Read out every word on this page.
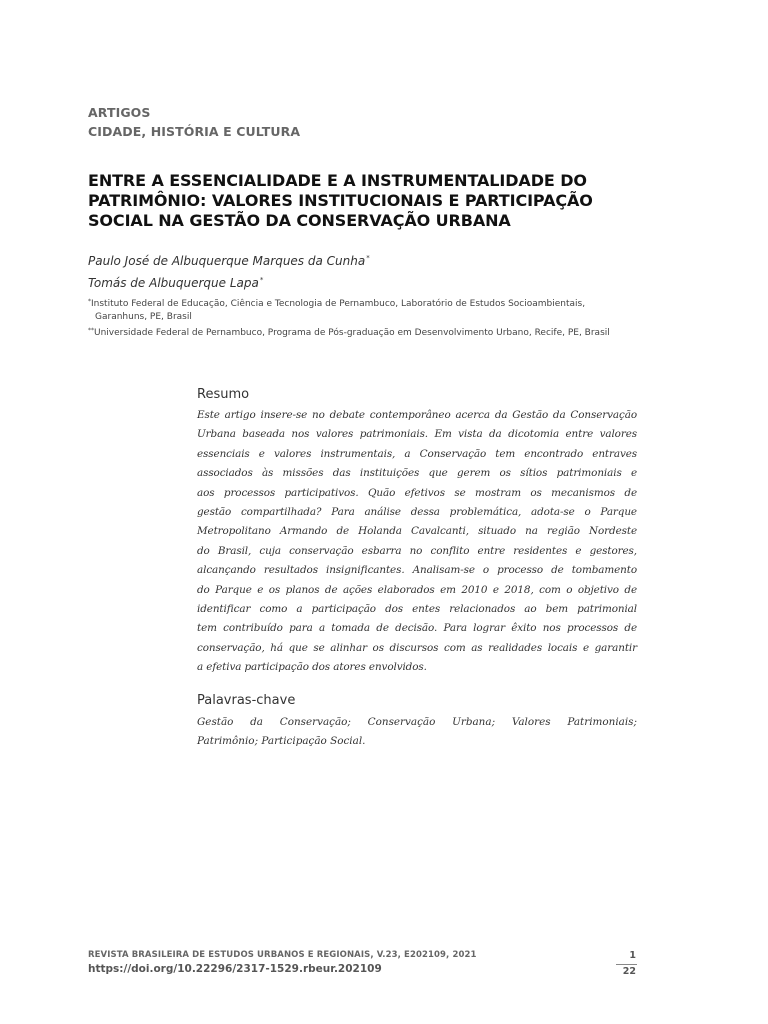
ARTIGOS
CIDADE, HISTÓRIA E CULTURA
ENTRE A ESSENCIALIDADE E A INSTRUMENTALIDADE DO
PATRIMÔNIO: VALORES INSTITUCIONAIS E PARTICIPAÇÃO
SOCIAL NA GESTÃO DA CONSERVAÇÃO URBANA
Paulo José de Albuquerque Marques da Cunha*
Tomás de Albuquerque Lapa*
*Instituto Federal de Educação, Ciência e Tecnologia de Pernambuco, Laboratório de Estudos Socioambientais,
Garanhuns, PE, Brasil
**Universidade Federal de Pernambuco, Programa de Pós-graduação em Desenvolvimento Urbano, Recife, PE, Brasil
Resumo
Este artigo insere-se no debate contemporâneo acerca da Gestão da Conservação
Urbana baseada nos valores patrimoniais. Em vista da dicotomia entre valores
essenciais e valores instrumentais, a Conservação tem encontrado entraves
associados às missões das instituições que gerem os sítios patrimoniais e
aos processos participativos. Quão efetivos se mostram os mecanismos de
gestão compartilhada? Para análise dessa problemática, adota-se o Parque
Metropolitano Armando de Holanda Cavalcanti, situado na região Nordeste
do Brasil, cuja conservação esbarra no conflito entre residentes e gestores,
alcançando resultados insignificantes. Analisam-se o processo de tombamento
do Parque e os planos de ações elaborados em 2010 e 2018, com o objetivo de
identificar como a participação dos entes relacionados ao bem patrimonial
tem contribuído para a tomada de decisão. Para lograr êxito nos processos de
conservação, há que se alinhar os discursos com as realidades locais e garantir
a efetiva participação dos atores envolvidos.
Palavras-chave
Gestão da Conservação; Conservação Urbana; Valores Patrimoniais;
Patrimônio; Participação Social.
REVISTA BRASILEIRA DE ESTUDOS URBANOS E REGIONAIS, V.23, E202109, 2021
https://doi.org/10.22296/2317-1529.rbeur.202109
1
22
